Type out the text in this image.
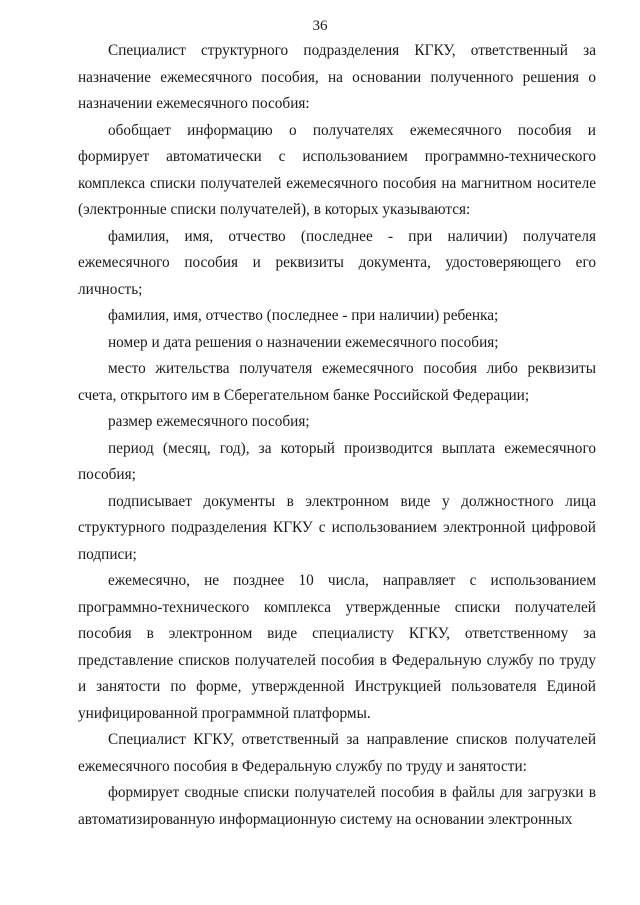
36

Специалист структурного подразделения КГКУ, ответственный за назначение ежемесячного пособия, на основании полученного решения о назначении ежемесячного пособия:

обобщает информацию о получателях ежемесячного пособия и формирует автоматически с использованием программно-технического комплекса списки получателей ежемесячного пособия на магнитном носителе (электронные списки получателей), в которых указываются:

фамилия, имя, отчество (последнее - при наличии) получателя ежемесячного пособия и реквизиты документа, удостоверяющего его личность;

фамилия, имя, отчество (последнее - при наличии) ребенка;

номер и дата решения о назначении ежемесячного пособия;

место жительства получателя ежемесячного пособия либо реквизиты счета, открытого им в Сберегательном банке Российской Федерации;

размер ежемесячного пособия;

период (месяц, год), за который производится выплата ежемесячного пособия;

подписывает документы в электронном виде у должностного лица структурного подразделения КГКУ с использованием электронной цифровой подписи;

ежемесячно, не позднее 10 числа, направляет с использованием программно-технического комплекса утвержденные списки получателей пособия в электронном виде специалисту КГКУ, ответственному за представление списков получателей пособия в Федеральную службу по труду и занятости по форме, утвержденной Инструкцией пользователя Единой унифицированной программной платформы.

Специалист КГКУ, ответственный за направление списков получателей ежемесячного пособия в Федеральную службу по труду и занятости:

формирует сводные списки получателей пособия в файлы для загрузки в автоматизированную информационную систему на основании электронных
